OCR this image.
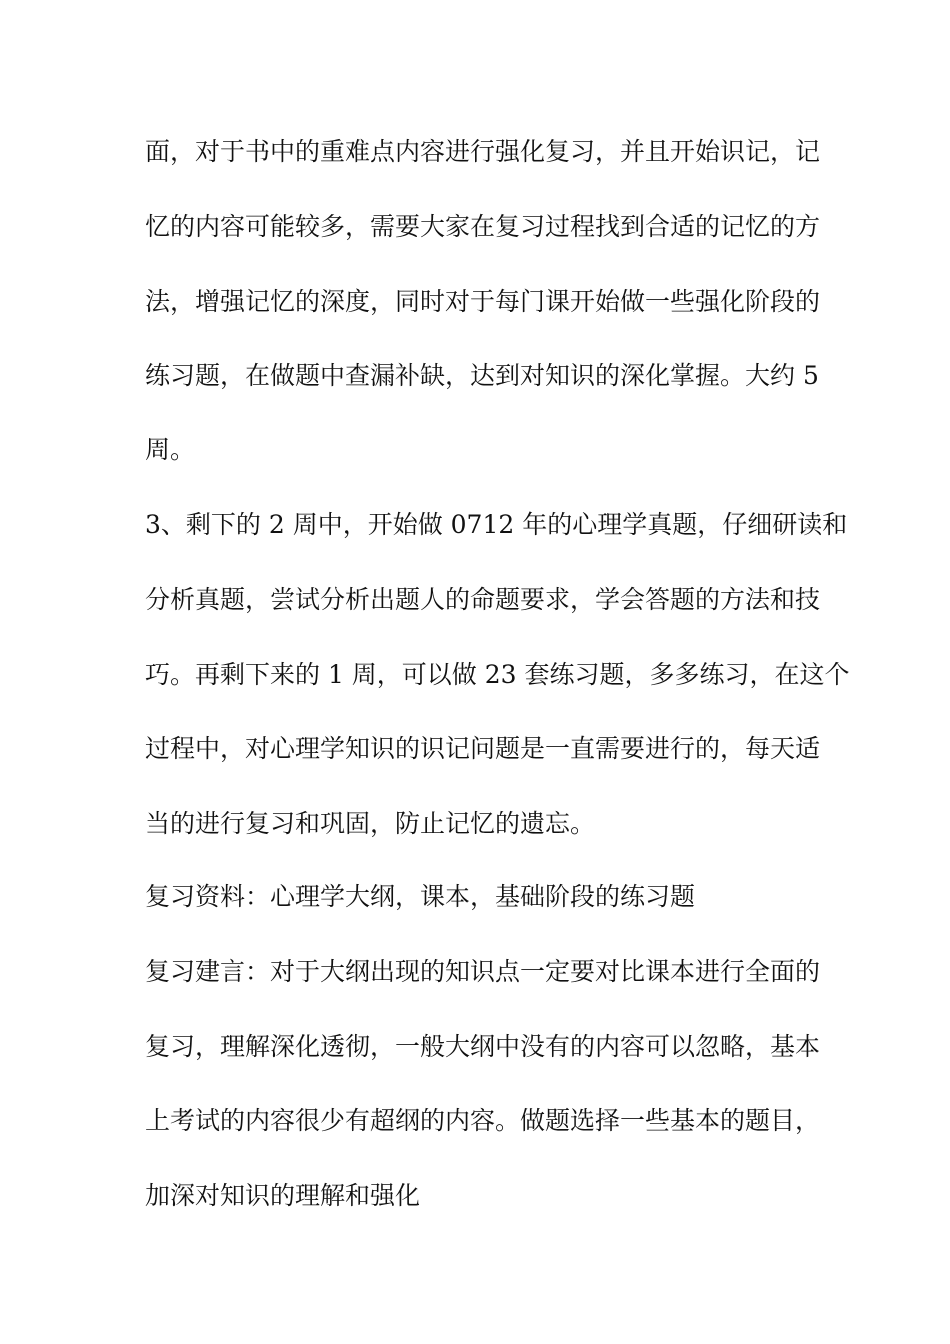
面，对于书中的重难点内容进行强化复习，并且开始识记，记
忆的内容可能较多，需要大家在复习过程找到合适的记忆的方
法，增强记忆的深度，同时对于每门课开始做一些强化阶段的
练习题，在做题中查漏补缺，达到对知识的深化掌握。大约 5
周。
3、剩下的 2 周中，开始做 0712 年的心理学真题，仔细研读和
分析真题，尝试分析出题人的命题要求，学会答题的方法和技
巧。再剩下来的 1 周，可以做 23 套练习题，多多练习，在这个
过程中，对心理学知识的识记问题是一直需要进行的，每天适
当的进行复习和巩固，防止记忆的遗忘。
复习资料：心理学大纲，课本，基础阶段的练习题
复习建言：对于大纲出现的知识点一定要对比课本进行全面的
复习，理解深化透彻，一般大纲中没有的内容可以忽略，基本
上考试的内容很少有超纲的内容。做题选择一些基本的题目，
加深对知识的理解和强化
